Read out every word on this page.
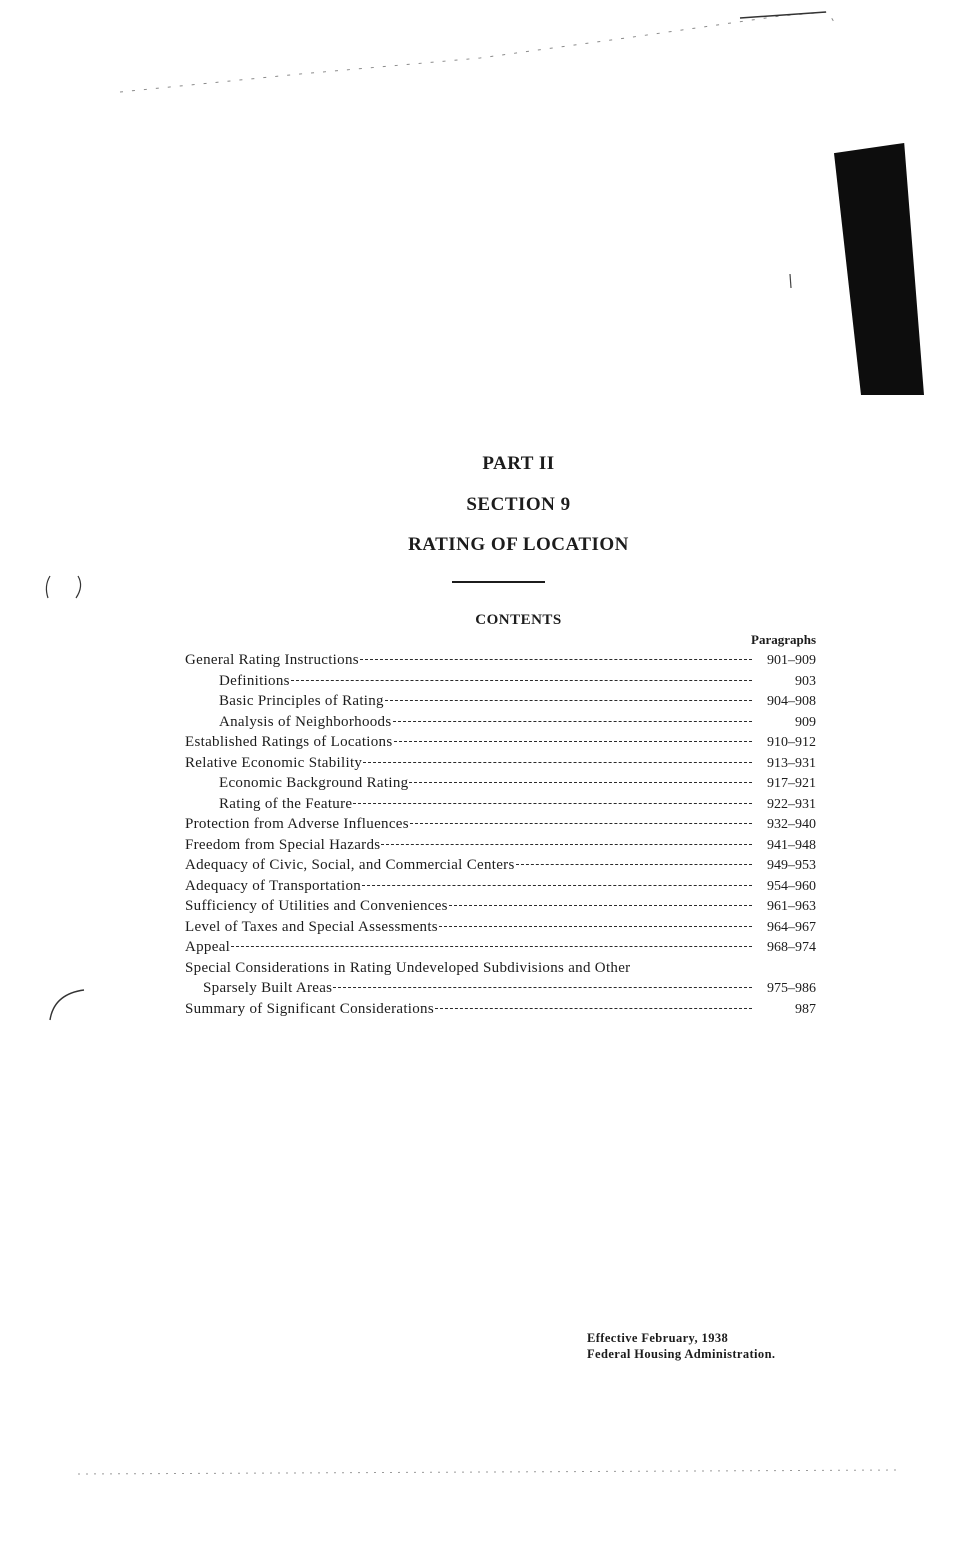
PART II
SECTION 9
RATING OF LOCATION
CONTENTS
Paragraphs
General Rating Instructions	901–909
Definitions	903
Basic Principles of Rating	904–908
Analysis of Neighborhoods	909
Established Ratings of Locations	910–912
Relative Economic Stability	913–931
Economic Background Rating	917–921
Rating of the Feature	922–931
Protection from Adverse Influences	932–940
Freedom from Special Hazards	941–948
Adequacy of Civic, Social, and Commercial Centers	949–953
Adequacy of Transportation	954–960
Sufficiency of Utilities and Conveniences	961–963
Level of Taxes and Special Assessments	964–967
Appeal	968–974
Special Considerations in Rating Undeveloped Subdivisions and Other
Sparsely Built Areas	975–986
Summary of Significant Considerations	987
Effective February, 1938
Federal Housing Administration.
